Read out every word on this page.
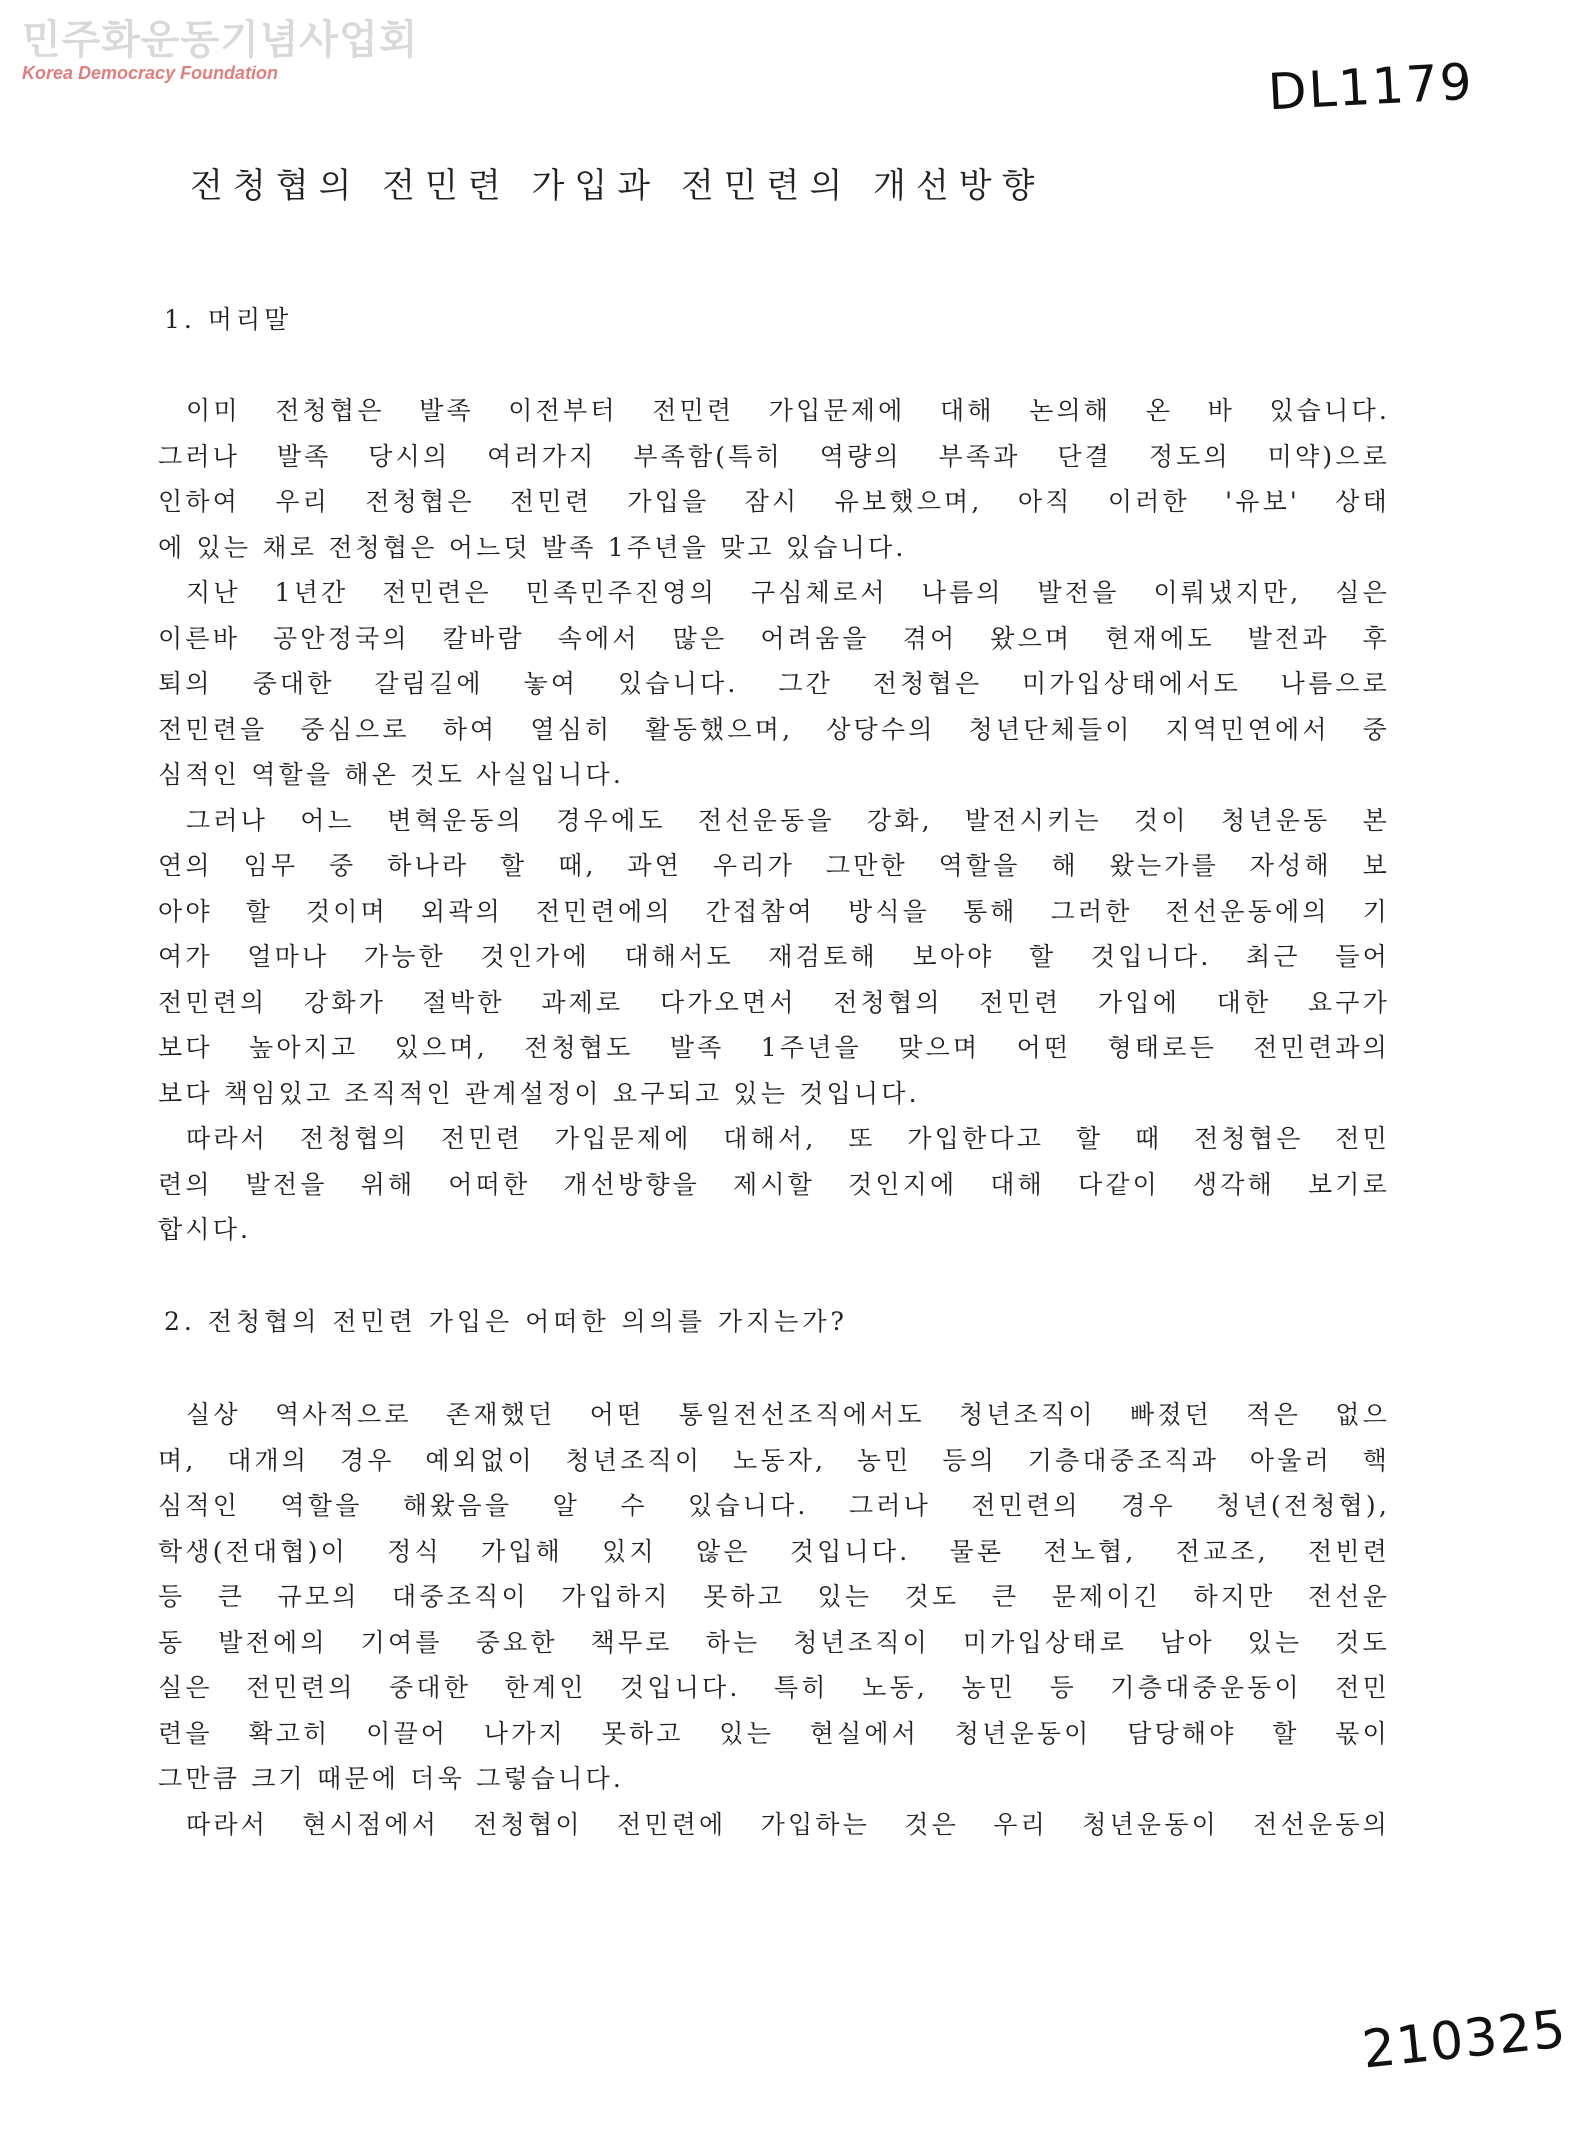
민주화운동기념사업회
Korea Democracy Foundation	DL1179
전청협의 전민련 가입과 전민련의 개선방향
1. 머리말
이미 전청협은 발족 이전부터 전민련 가입문제에 대해 논의해 온 바 있습니다.
그러나 발족 당시의 여러가지 부족함(특히 역량의 부족과 단결 정도의 미약)으로
인하여 우리 전청협은 전민련 가입을 잠시 유보했으며, 아직 이러한 '유보' 상태
에 있는 채로 전청협은 어느덧 발족 1주년을 맞고 있습니다.
지난 1년간 전민련은 민족민주진영의 구심체로서 나름의 발전을 이뤄냈지만, 실은
이른바 공안정국의 칼바람 속에서 많은 어려움을 겪어 왔으며 현재에도 발전과 후
퇴의 중대한 갈림길에 놓여 있습니다. 그간 전청협은 미가입상태에서도 나름으로
전민련을 중심으로 하여 열심히 활동했으며, 상당수의 청년단체들이 지역민연에서 중
심적인 역할을 해온 것도 사실입니다.
그러나 어느 변혁운동의 경우에도 전선운동을 강화, 발전시키는 것이 청년운동 본
연의 임무 중 하나라 할 때, 과연 우리가 그만한 역할을 해 왔는가를 자성해 보
아야 할 것이며 외곽의 전민련에의 간접참여 방식을 통해 그러한 전선운동에의 기
여가 얼마나 가능한 것인가에 대해서도 재검토해 보아야 할 것입니다. 최근 들어
전민련의 강화가 절박한 과제로 다가오면서 전청협의 전민련 가입에 대한 요구가
보다 높아지고 있으며, 전청협도 발족 1주년을 맞으며 어떤 형태로든 전민련과의
보다 책임있고 조직적인 관계설정이 요구되고 있는 것입니다.
따라서 전청협의 전민련 가입문제에 대해서, 또 가입한다고 할 때 전청협은 전민
련의 발전을 위해 어떠한 개선방향을 제시할 것인지에 대해 다같이 생각해 보기로
합시다.
2. 전청협의 전민련 가입은 어떠한 의의를 가지는가?
실상 역사적으로 존재했던 어떤 통일전선조직에서도 청년조직이 빠졌던 적은 없으
며, 대개의 경우 예외없이 청년조직이 노동자, 농민 등의 기층대중조직과 아울러 핵
심적인 역할을 해왔음을 알 수 있습니다. 그러나 전민련의 경우 청년(전청협),
학생(전대협)이 정식 가입해 있지 않은 것입니다. 물론 전노협, 전교조, 전빈련
등 큰 규모의 대중조직이 가입하지 못하고 있는 것도 큰 문제이긴 하지만 전선운
동 발전에의 기여를 중요한 책무로 하는 청년조직이 미가입상태로 남아 있는 것도
실은 전민련의 중대한 한계인 것입니다. 특히 노동, 농민 등 기층대중운동이 전민
련을 확고히 이끌어 나가지 못하고 있는 현실에서 청년운동이 담당해야 할 몫이
그만큼 크기 때문에 더욱 그렇습니다.
따라서 현시점에서 전청협이 전민련에 가입하는 것은 우리 청년운동이 전선운동의
210325
